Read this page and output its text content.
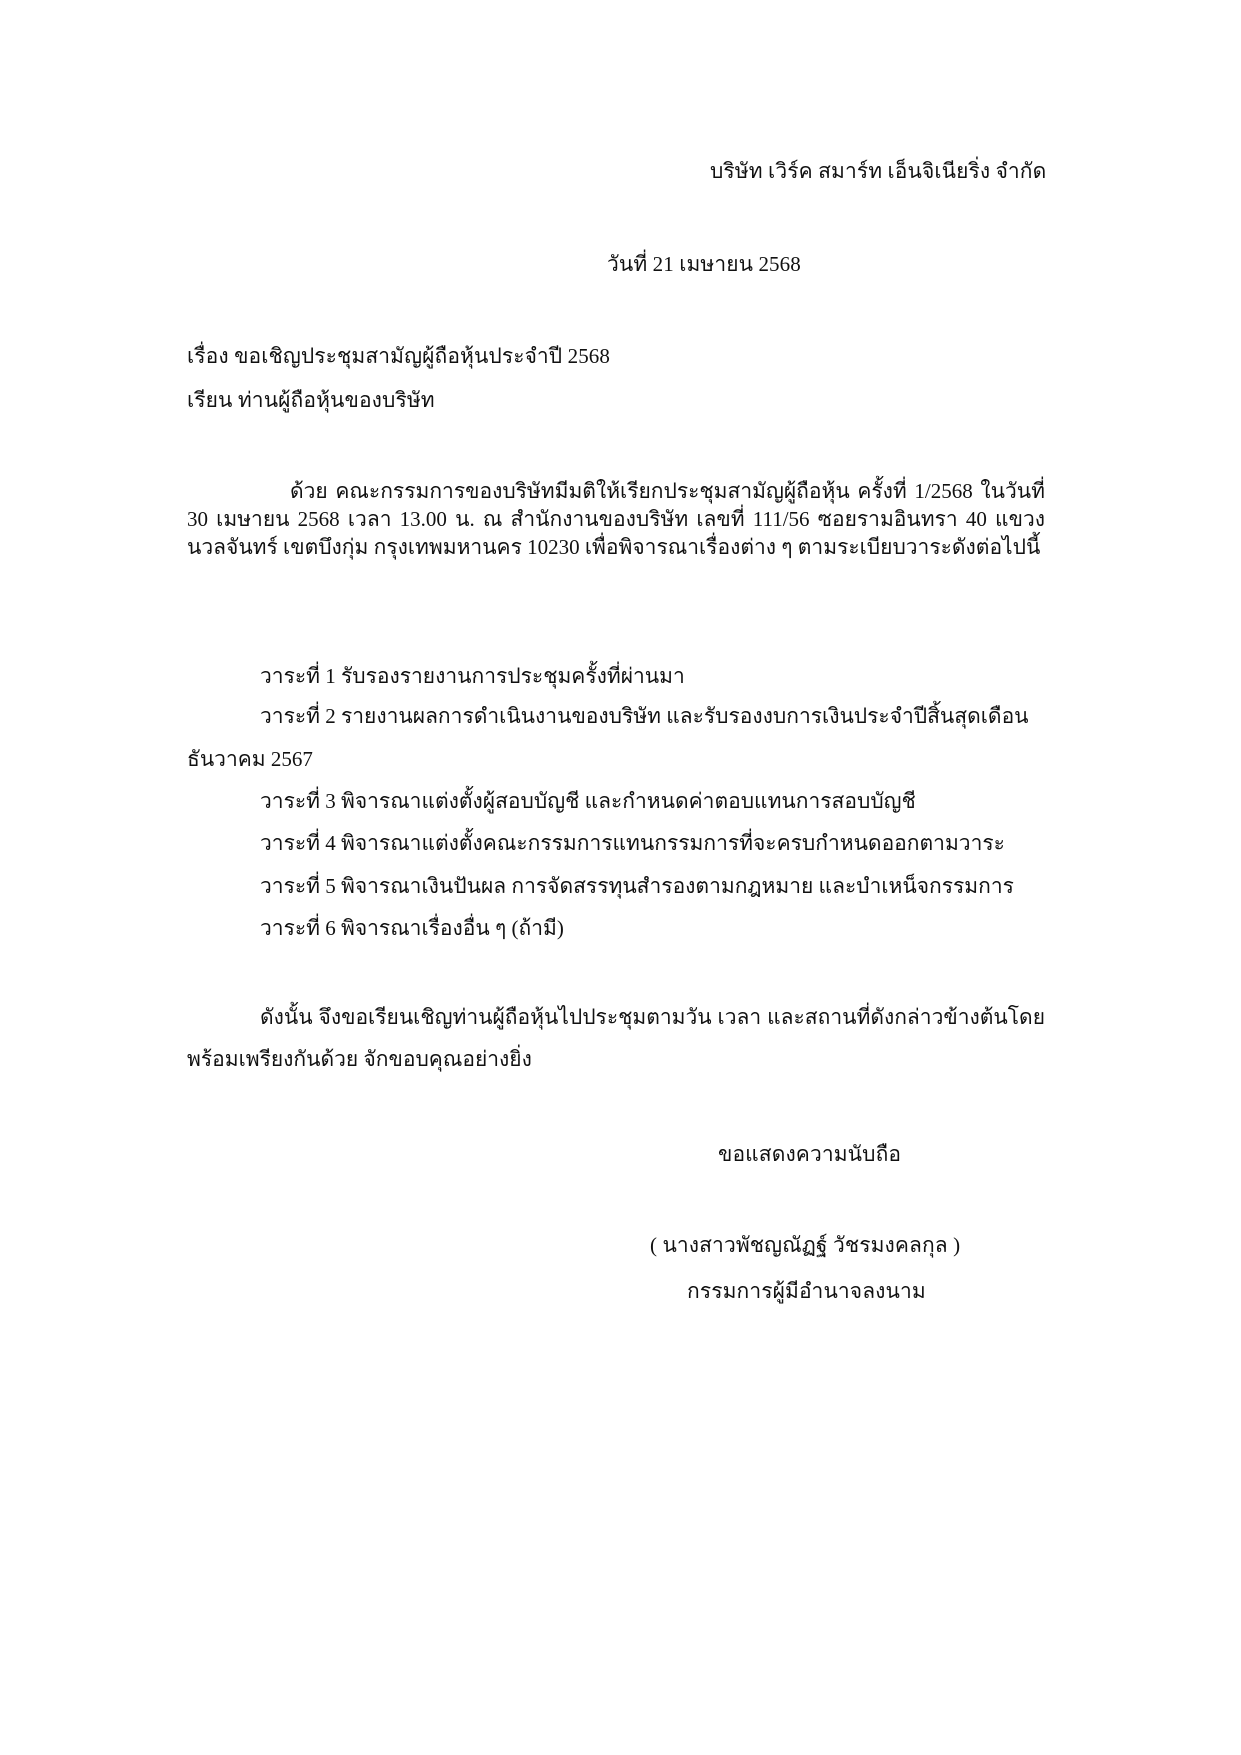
บริษัท เวิร์ค สมาร์ท เอ็นจิเนียริ่ง จำกัด
วันที่ 21 เมษายน 2568
เรื่อง ขอเชิญประชุมสามัญผู้ถือหุ้นประจำปี 2568
เรียน ท่านผู้ถือหุ้นของบริษัท
ด้วย คณะกรรมการของบริษัทมีมติให้เรียกประชุมสามัญผู้ถือหุ้น ครั้งที่ 1/2568 ในวันที่
30 เมษายน 2568 เวลา 13.00 น. ณ สำนักงานของบริษัท เลขที่ 111/56 ซอยรามอินทรา 40 แขวง
นวลจันทร์ เขตบึงกุ่ม กรุงเทพมหานคร 10230 เพื่อพิจารณาเรื่องต่าง ๆ ตามระเบียบวาระดังต่อไปนี้
วาระที่ 1 รับรองรายงานการประชุมครั้งที่ผ่านมา
วาระที่ 2 รายงานผลการดำเนินงานของบริษัท และรับรองงบการเงินประจำปีสิ้นสุดเดือน
ธันวาคม 2567
วาระที่ 3 พิจารณาแต่งตั้งผู้สอบบัญชี และกำหนดค่าตอบแทนการสอบบัญชี
วาระที่ 4 พิจารณาแต่งตั้งคณะกรรมการแทนกรรมการที่จะครบกำหนดออกตามวาระ
วาระที่ 5 พิจารณาเงินปันผล การจัดสรรทุนสำรองตามกฎหมาย และบำเหน็จกรรมการ
วาระที่ 6 พิจารณาเรื่องอื่น ๆ (ถ้ามี)
ดังนั้น จึงขอเรียนเชิญท่านผู้ถือหุ้นไปประชุมตามวัน เวลา และสถานที่ดังกล่าวข้างต้นโดย
พร้อมเพรียงกันด้วย จักขอบคุณอย่างยิ่ง
ขอแสดงความนับถือ
( นางสาวพัชญณัฏฐ์ วัชรมงคลกุล )
กรรมการผู้มีอำนาจลงนาม
